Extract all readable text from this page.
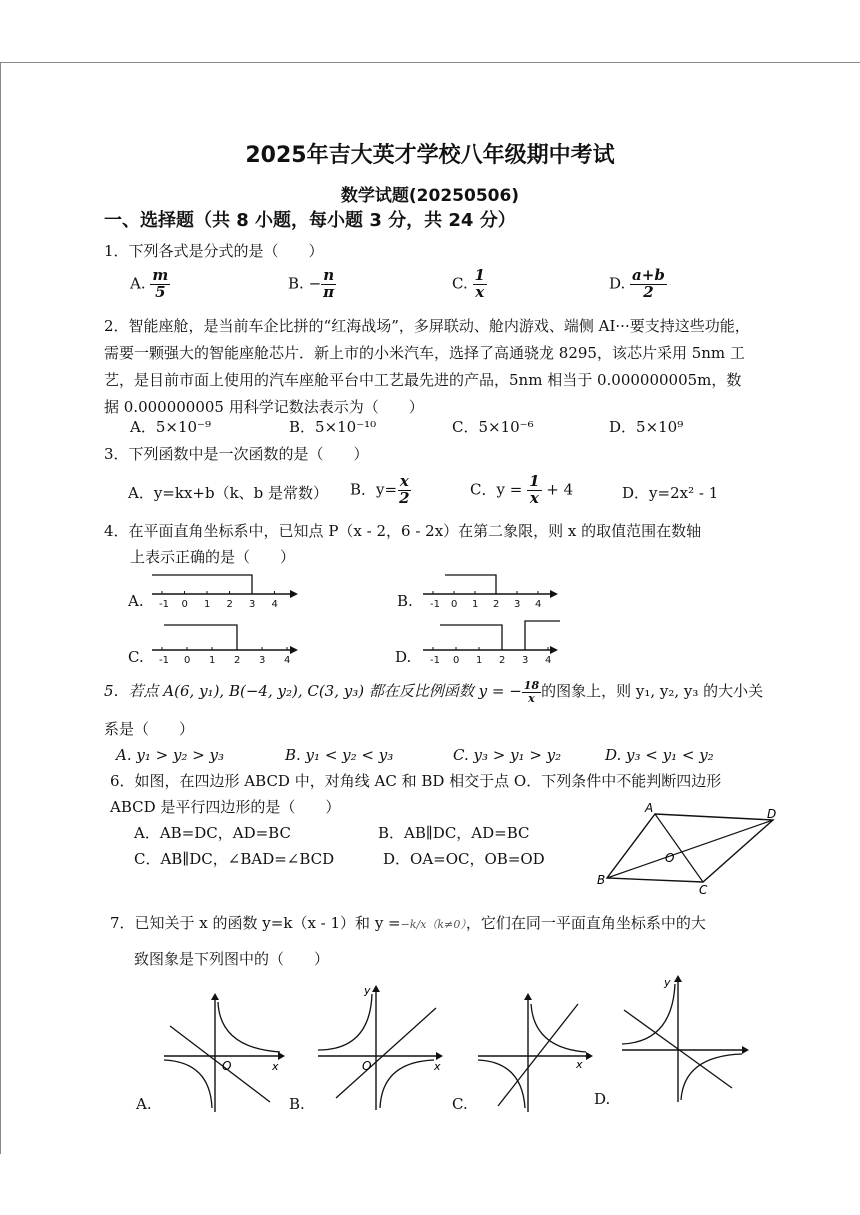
2025年吉大英才学校八年级期中考试
数学试题(20250506)
一、选择题（共 8 小题，每小题 3 分，共 24 分）
1．下列各式是分式的是（　　）
A. $\frac{m}{5}$	B. − $\frac{n}{\pi}$	C. $\frac{1}{x}$	D. $\frac{a+b}{2}$
2．智能座舱，是当前车企比拼的“红海战场”，多屏联动、舱内游戏、端侧 AI···要支持这些功能，需要一颗强大的智能座舱芯片．新上市的小米汽车，选择了高通骁龙 8295，该芯片采用 5nm 工艺，是目前市面上使用的汽车座舱平台中工艺最先进的产品，5nm 相当于 0.000000005m，数据 0.000000005 用科学记数法表示为（　　）
A．5×10⁻⁹	B．5×10⁻¹⁰	C．5×10⁻⁶	D．5×10⁹
3．下列函数中是一次函数的是（　　）
A．y=kx+b（k、b 是常数） B．$y= \frac{x}{2}$	C．$y = \frac{1}{x} + 4$	D．y=2x² - 1
4．在平面直角坐标系中，已知点 P（x - 2，6 - 2x）在第二象限，则 x 的取值范围在数轴
上表示正确的是（　　）
A.	B.
C.	D.
-1 0 1 2 3 4	-1 0 1 2 3 4
-1 0 1 2 3 4	-1 0 1 2 3 4
5．若点 A(6, y₁), B(−4, y₂), C(3, y₃) 都在反比例函数 y = − $\frac{18}{x}$ 的图象上，则 y₁, y₂, y₃ 的大小关
系是（　　）
A. y₁ > y₂ > y₃	B. y₁ < y₂ < y₃	C. y₃ > y₁ > y₂	D. y₃ < y₁ < y₂
6．如图，在四边形 ABCD 中，对角线 AC 和 BD 相交于点 O．下列条件中不能判断四边形
ABCD 是平行四边形的是（　　）
A．AB=DC，AD=BC	B．AB∥DC，AD=BC
C．AB∥DC，∠BAD=∠BCD	D．OA=OC，OB=OD
A	D
B
C
O
7．已知关于 x 的函数 y=k（x - 1）和 y =−k/x（k≠0），它们在同一平面直角坐标系中的大
致图象是下列图中的（　　）
A.	B.	C.	D.
O	x
y
O	x	x
y
